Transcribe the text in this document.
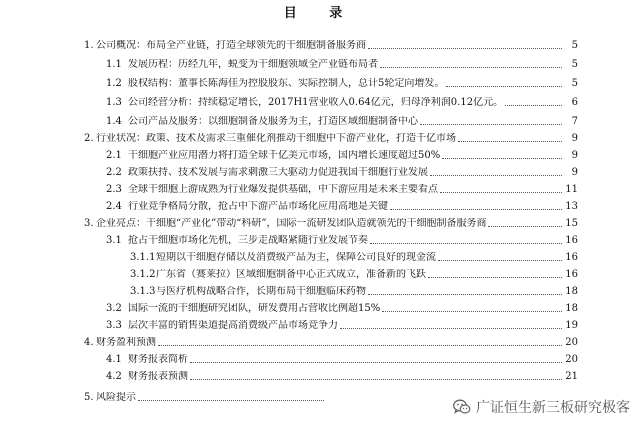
目 录
1. 公司概况：布局全产业链，打造全球领先的干细胞制备服务商	5
1.1 发展历程：历经九年，蜕变为干细胞领域全产业链布局者	5
1.2 股权结构：董事长陈海佳为控股股东、实际控制人，总计5轮定向增发。	5
1.3 公司经营分析：持续稳定增长，2017H1营业收入0.64亿元，归母净利润0.12亿元。	6
1.4 公司产品及服务：以细胞制备及服务为主，打造区域细胞制备中心	7
2. 行业状况：政策、技术及需求三重催化剂推动干细胞中下游产业化，打造千亿市场	9
2.1 干细胞产业应用潜力将打造全球千亿美元市场，国内增长速度超过50%	9
2.2 政策扶持、技术发展与需求刺激三大驱动力促进我国干细胞行业发展	9
2.3 全球干细胞上游成熟为行业爆发提供基础，中下游应用是未来主要看点	11
2.4 行业竞争格局分散，抢占中下游产品市场化应用高地是关键	13
3. 企业亮点：干细胞“产业化”带动“科研”，国际一流研发团队造就领先的干细胞制备服务商	15
3.1 抢占干细胞市场化先机，三步走战略紧随行业发展节奏	16
3.1.1 短期以干细胞存储以及消费级产品为主，保障公司良好的现金流	16
3.1.2 广东省（赛莱拉）区域细胞制备中心正式成立，准备新的飞跃	16
3.1.3 与医疗机构战略合作，长期布局干细胞临床药物	18
3.2 国际一流的干细胞研究团队，研发费用占营收比例超15%	18
3.3 层次丰富的销售渠道提高消费级产品市场竞争力	19
4. 财务盈利预测	20
4.1 财务报表简析	20
4.2 财务报表预测	21
5. 风险提示
广证恒生新三板研究极客
